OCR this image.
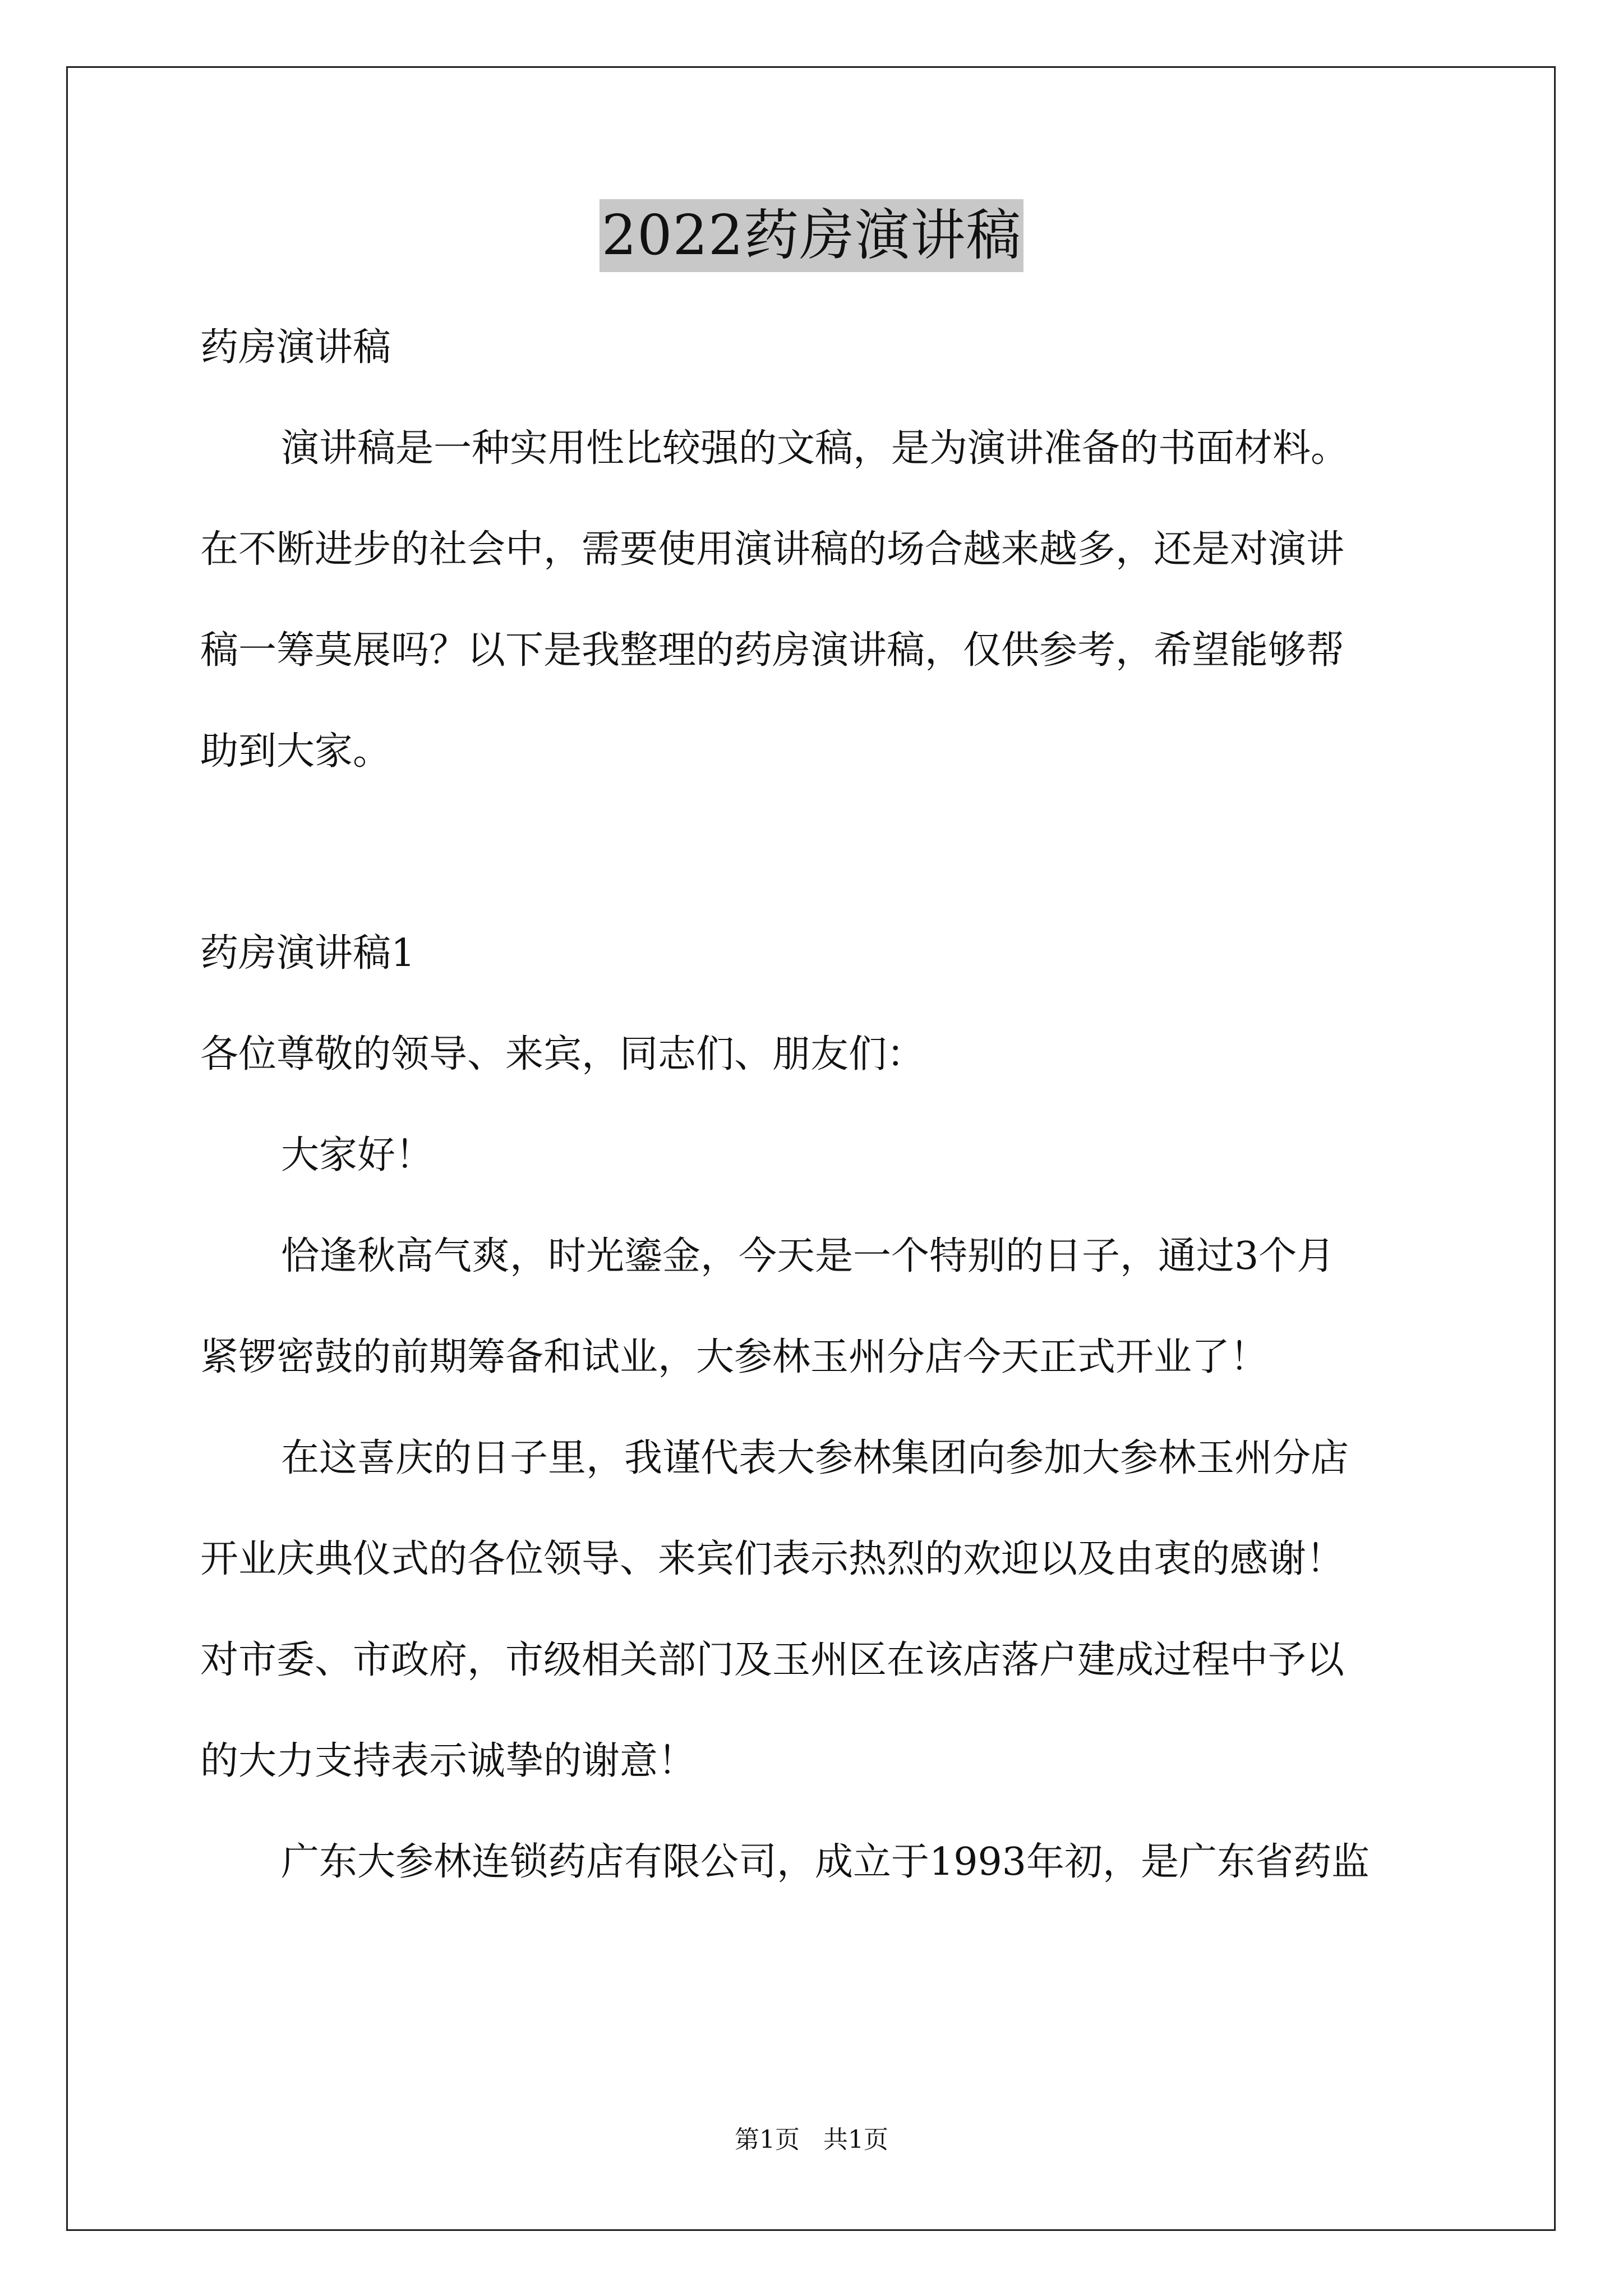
2022药房演讲稿

药房演讲稿

演讲稿是一种实用性比较强的文稿，是为演讲准备的书面材料。

在不断进步的社会中，需要使用演讲稿的场合越来越多，还是对演讲

稿一筹莫展吗？以下是我整理的药房演讲稿，仅供参考，希望能够帮

助到大家。

药房演讲稿1

各位尊敬的领导、来宾，同志们、朋友们：

大家好！

恰逢秋高气爽，时光鎏金，今天是一个特别的日子，通过3个月

紧锣密鼓的前期筹备和试业，大参林玉州分店今天正式开业了！

在这喜庆的日子里，我谨代表大参林集团向参加大参林玉州分店

开业庆典仪式的各位领导、来宾们表示热烈的欢迎以及由衷的感谢！

对市委、市政府，市级相关部门及玉州区在该店落户建成过程中予以

的大力支持表示诚挚的谢意！

广东大参林连锁药店有限公司，成立于1993年初，是广东省药监

第1页   共1页
